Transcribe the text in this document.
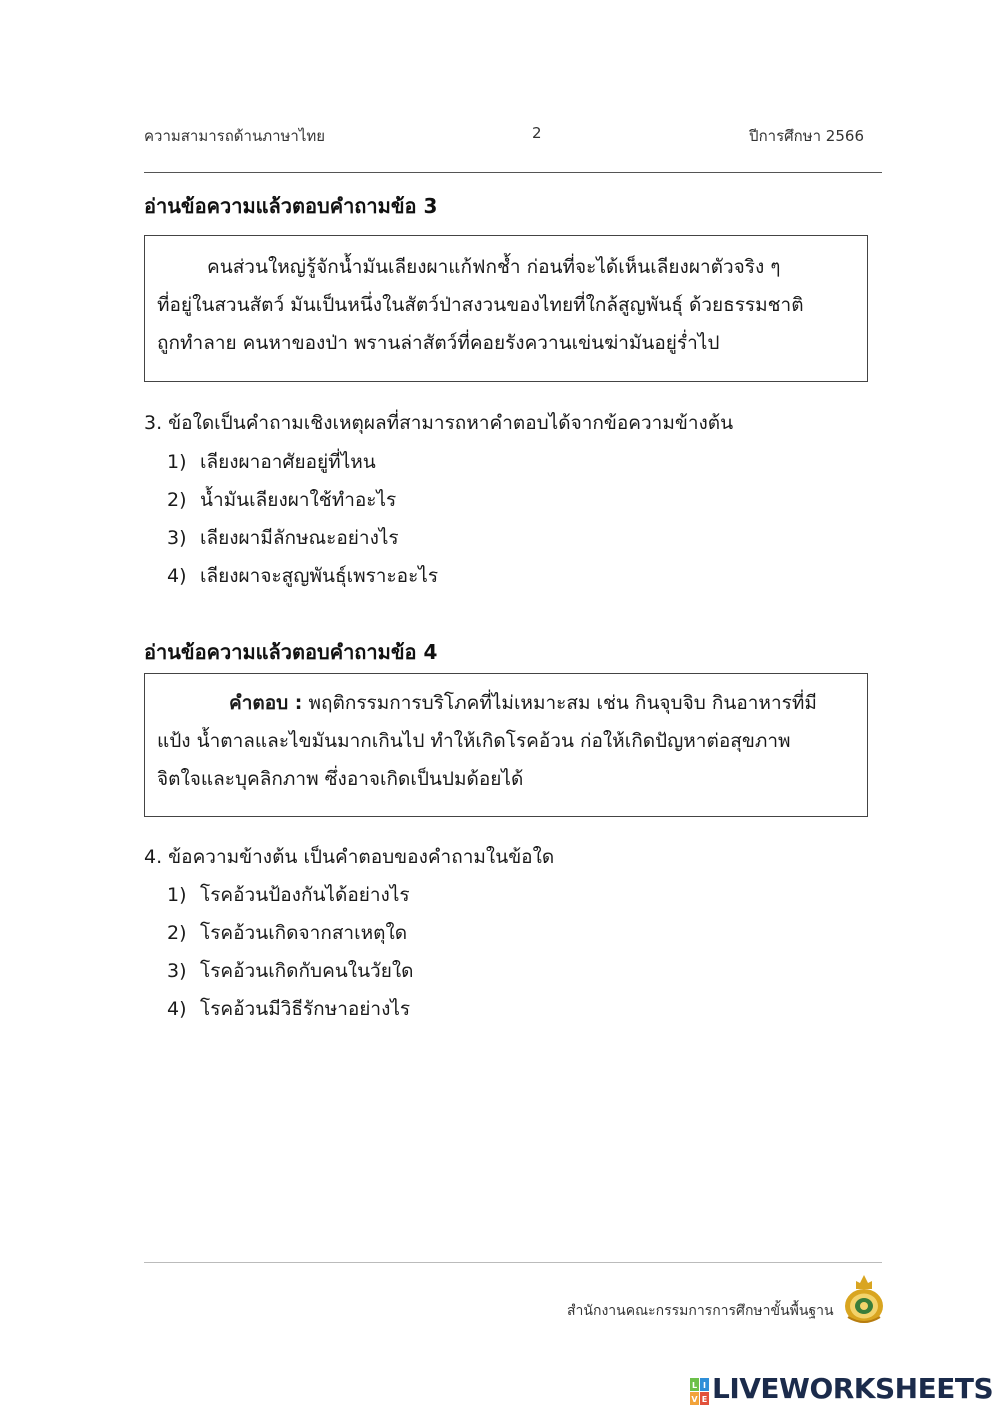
ความสามารถด้านภาษาไทย	2	ปีการศึกษา 2566
อ่านข้อความแล้วตอบคำถามข้อ 3
คนส่วนใหญ่รู้จักน้ำมันเลียงผาแก้ฟกช้ำ ก่อนที่จะได้เห็นเลียงผาตัวจริง ๆ
ที่อยู่ในสวนสัตว์ มันเป็นหนึ่งในสัตว์ป่าสงวนของไทยที่ใกล้สูญพันธุ์ ด้วยธรรมชาติ
ถูกทำลาย คนหาของป่า พรานล่าสัตว์ที่คอยรังควานเข่นฆ่ามันอยู่ร่ำไป
3. ข้อใดเป็นคำถามเชิงเหตุผลที่สามารถหาคำตอบได้จากข้อความข้างต้น
1) เลียงผาอาศัยอยู่ที่ไหน
2) น้ำมันเลียงผาใช้ทำอะไร
3) เลียงผามีลักษณะอย่างไร
4) เลียงผาจะสูญพันธุ์เพราะอะไร
อ่านข้อความแล้วตอบคำถามข้อ 4
คำตอบ : พฤติกรรมการบริโภคที่ไม่เหมาะสม เช่น กินจุบจิบ กินอาหารที่มี
แป้ง น้ำตาลและไขมันมากเกินไป ทำให้เกิดโรคอ้วน ก่อให้เกิดปัญหาต่อสุขภาพ
จิตใจและบุคลิกภาพ ซึ่งอาจเกิดเป็นปมด้อยได้
4. ข้อความข้างต้น เป็นคำตอบของคำถามในข้อใด
1) โรคอ้วนป้องกันได้อย่างไร
2) โรคอ้วนเกิดจากสาเหตุใด
3) โรคอ้วนเกิดกับคนในวัยใด
4) โรคอ้วนมีวิธีรักษาอย่างไร
สำนักงานคณะกรรมการการศึกษาขั้นพื้นฐาน
L I
V E LIVEWORKSHEETS
